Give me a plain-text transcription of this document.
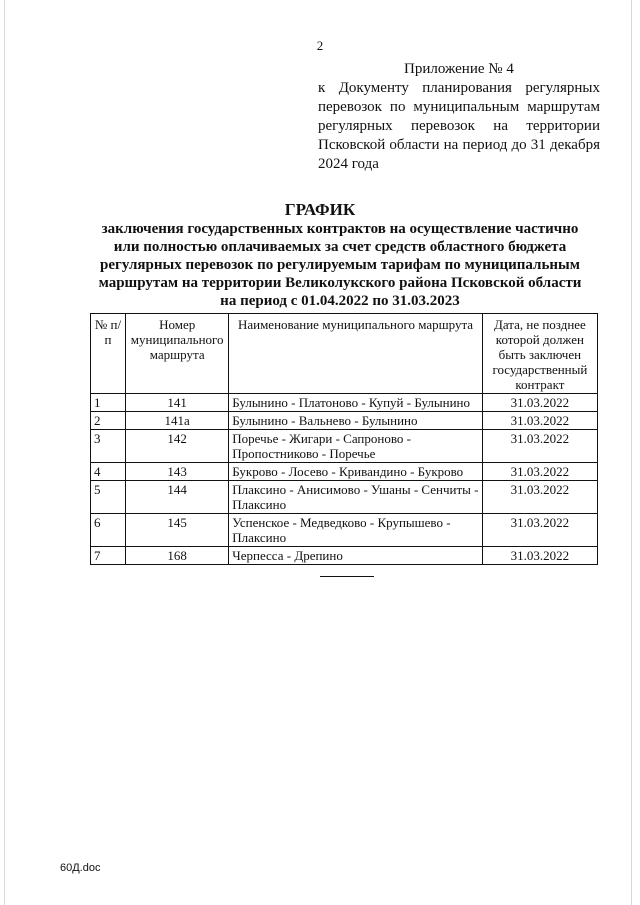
2
Приложение № 4
к Документу планирования регулярных перевозок по муниципальным маршрутам регулярных перевозок на территории Псковской области на период до 31 декабря 2024 года
ГРАФИК
заключения государственных контрактов на осуществление частично или полностью оплачиваемых за счет средств областного бюджета регулярных перевозок по регулируемым тарифам по муниципальным маршрутам на территории Великолукского района Псковской области на период с 01.04.2022 по 31.03.2023
№ п/п	Номер муниципального маршрута	Наименование муниципального маршрута	Дата, не позднее которой должен быть заключен государственный контракт
1	141	Булынино - Платоново - Купуй - Булынино	31.03.2022
2	141а	Булынино - Вальнево - Булынино	31.03.2022
3	142	Поречье - Жигари - Сапроново - Пропостниково - Поречье	31.03.2022
4	143	Букрово - Лосево - Кривандино - Букрово	31.03.2022
5	144	Плаксино - Анисимово - Ушаны - Сенчиты - Плаксино	31.03.2022
6	145	Успенское - Медведково - Крупышево - Плаксино	31.03.2022
7	168	Черпесса - Дрепино	31.03.2022
60Д.doc
